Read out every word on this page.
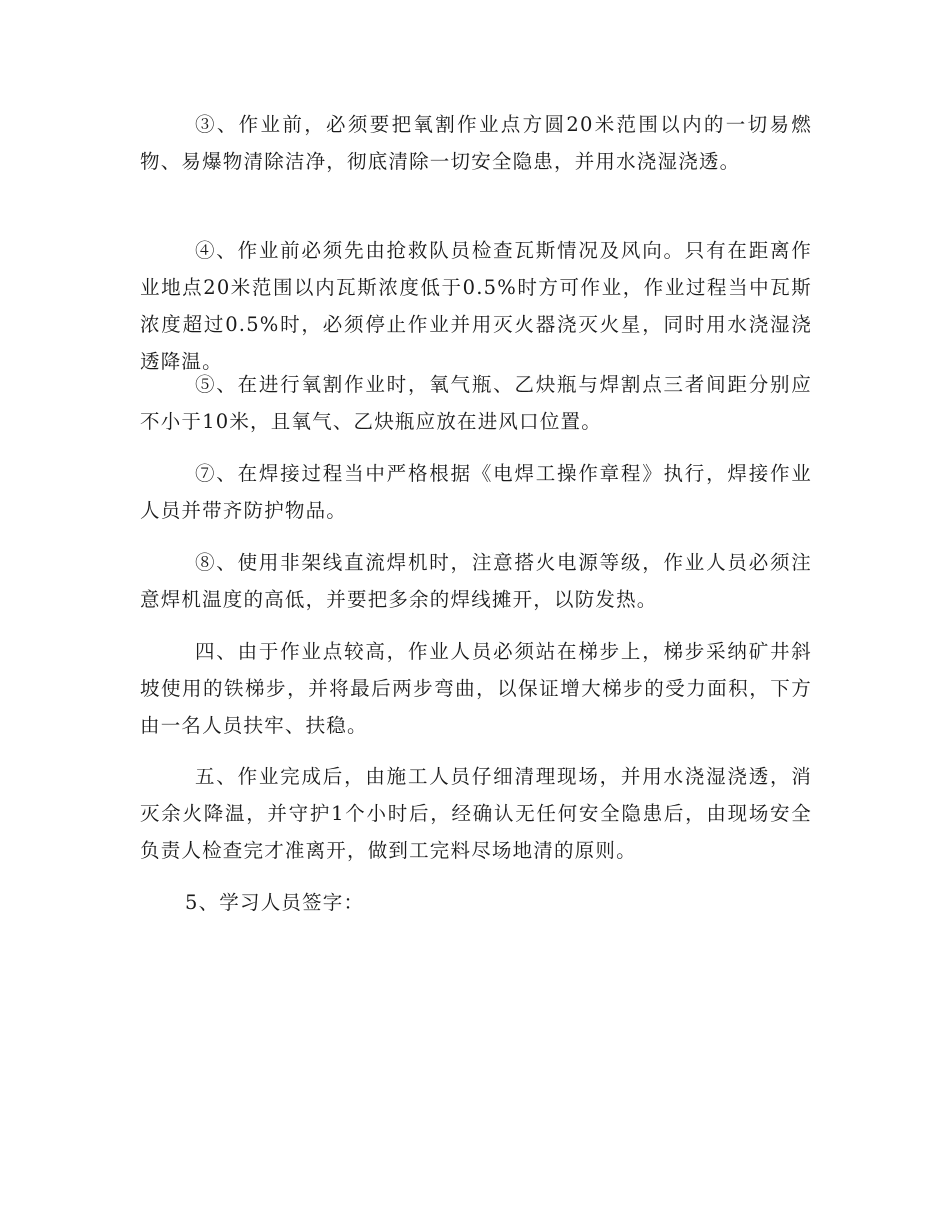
③、作业前，必须要把氧割作业点方圆20米范围以内的一切易燃物、易爆物清除洁净，彻底清除一切安全隐患，并用水浇湿浇透。

④、作业前必须先由抢救队员检查瓦斯情况及风向。只有在距离作业地点20米范围以内瓦斯浓度低于0.5%时方可作业，作业过程当中瓦斯浓度超过0.5%时，必须停止作业并用灭火器浇灭火星，同时用水浇湿浇透降温。

⑤、在进行氧割作业时，氧气瓶、乙炔瓶与焊割点三者间距分别应不小于10米，且氧气、乙炔瓶应放在进风口位置。

⑦、在焊接过程当中严格根据《电焊工操作章程》执行，焊接作业人员并带齐防护物品。

⑧、使用非架线直流焊机时，注意搭火电源等级，作业人员必须注意焊机温度的高低，并要把多余的焊线摊开，以防发热。

四、由于作业点较高，作业人员必须站在梯步上，梯步采纳矿井斜坡使用的铁梯步，并将最后两步弯曲，以保证增大梯步的受力面积，下方由一名人员扶牢、扶稳。

五、作业完成后，由施工人员仔细清理现场，并用水浇湿浇透，消灭余火降温，并守护1个小时后，经确认无任何安全隐患后，由现场安全负责人检查完才准离开，做到工完料尽场地清的原则。

5、学习人员签字：
